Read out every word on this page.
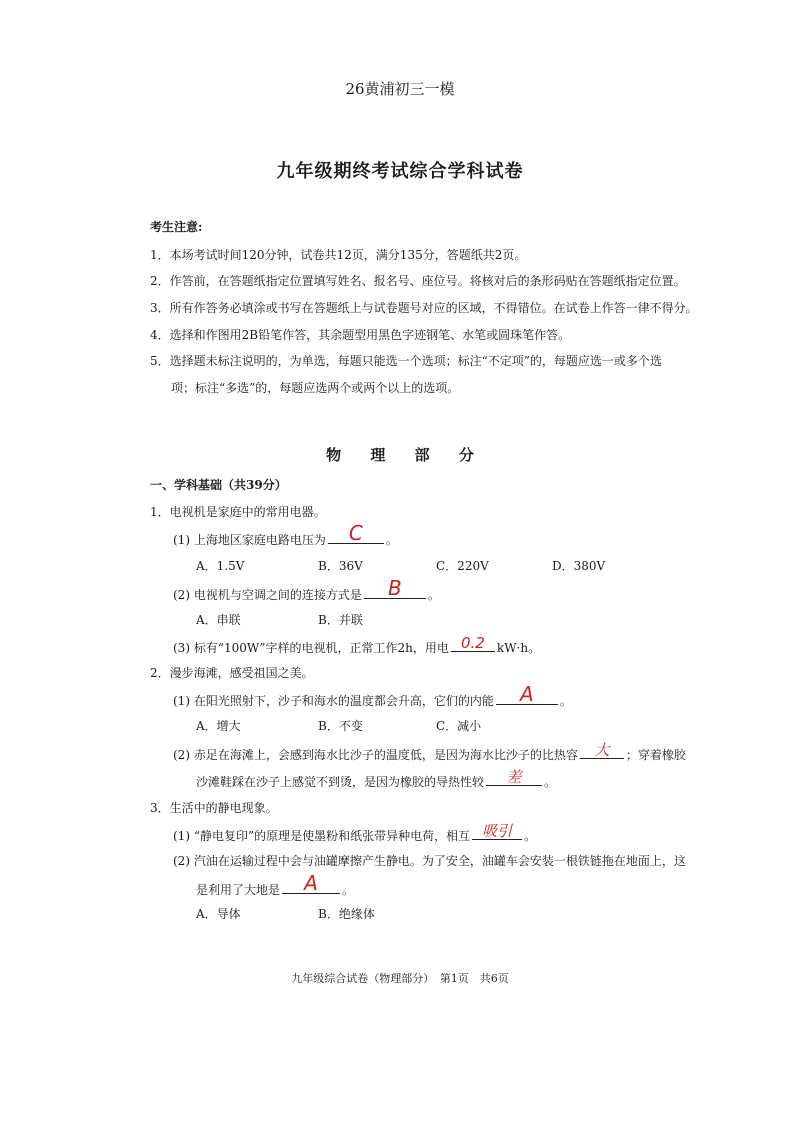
26黄浦初三一模
九年级期终考试综合学科试卷
考生注意:
1．本场考试时间120分钟，试卷共12页，满分135分，答题纸共2页。
2．作答前，在答题纸指定位置填写姓名、报名号、座位号。将核对后的条形码贴在答题纸指定位置。
3．所有作答务必填涂或书写在答题纸上与试卷题号对应的区域，不得错位。在试卷上作答一律不得分。
4．选择和作图用2B铅笔作答，其余题型用黑色字迹钢笔、水笔或圆珠笔作答。
5．选择题未标注说明的，为单选，每题只能选一个选项；标注“不定项”的，每题应选一或多个选
项；标注“多选”的，每题应选两个或两个以上的选项。
物 理 部 分
一、学科基础（共39分）
1．电视机是家庭中的常用电器。
(1) 上海地区家庭电路电压为	C	。
A．1.5V	B．36V	C．220V	D．380V
(2) 电视机与空调之间的连接方式是	B	。
A．串联	B．并联
(3) 标有“100W”字样的电视机，正常工作2h，用电 0.2	kW·h。
2．漫步海滩，感受祖国之美。
(1) 在阳光照射下，沙子和海水的温度都会升高，它们的内能	A	。
A．增大	B．不变	C．减小
(2) 赤足在海滩上，会感到海水比沙子的温度低，是因为海水比沙子的比热容	大	；穿着橡胶
沙滩鞋踩在沙子上感觉不到烫，是因为橡胶的导热性较	差	。
3．生活中的静电现象。
(1) “静电复印”的原理是使墨粉和纸张带异种电荷，相互 吸引	。
(2) 汽油在运输过程中会与油罐摩擦产生静电。为了安全，油罐车会安装一根铁链拖在地面上，这
是利用了大地是	A	。
A．导体	B．绝缘体
九年级综合试卷（物理部分）　第1页　共6页
